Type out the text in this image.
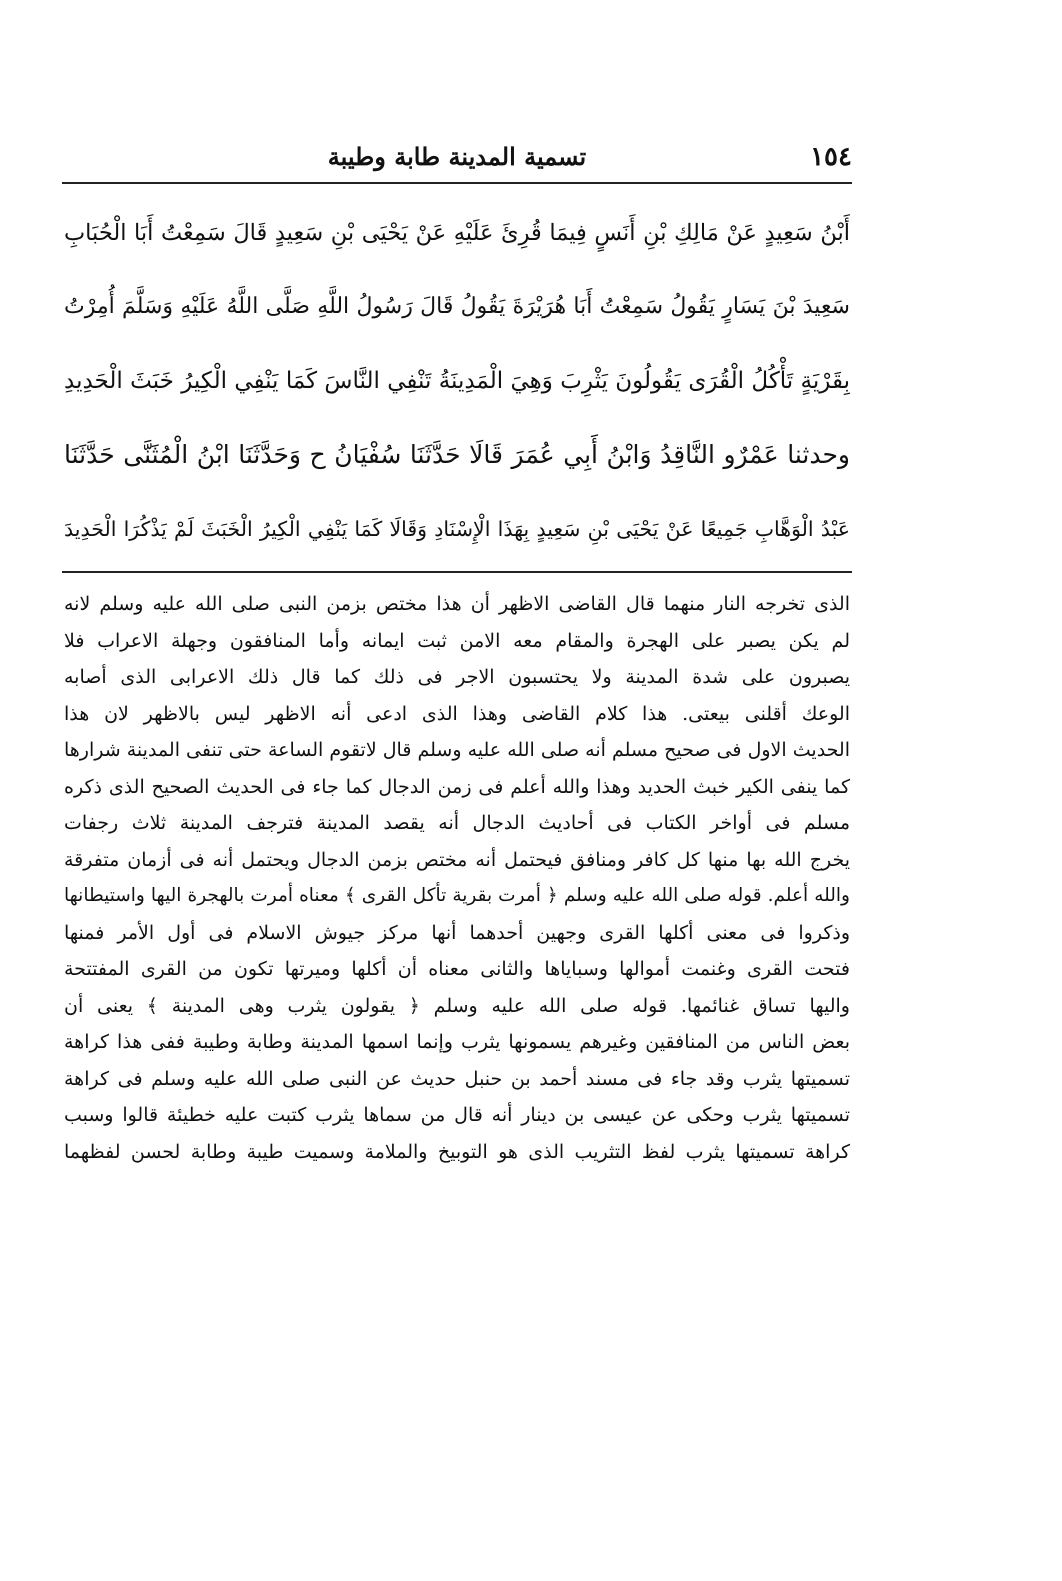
١٥٤
تسمية المدينة طابة وطيبة
أَبْنُ سَعِيدٍ عَنْ مَالِكِ بْنِ أَنَسٍ فِيمَا قُرِئَ عَلَيْهِ عَنْ يَحْيَى بْنِ سَعِيدٍ قَالَ سَمِعْتُ أَبَا الْحُبَابِ
سَعِيدَ بْنَ يَسَارٍ يَقُولُ سَمِعْتُ أَبَا هُرَيْرَةَ يَقُولُ قَالَ رَسُولُ اللَّهِ صَلَّى اللَّهُ عَلَيْهِ وَسَلَّمَ أُمِرْتُ
بِقَرْيَةٍ تَأْكُلُ الْقُرَى يَقُولُونَ يَثْرِبَ وَهِيَ الْمَدِينَةُ تَنْفِي النَّاسَ كَمَا يَنْفِي الْكِيرُ خَبَثَ الْحَدِيدِ
وحدثنا عَمْرٌو النَّاقِدُ وَابْنُ أَبِي عُمَرَ قَالَا حَدَّثَنَا سُفْيَانُ ح وَحَدَّثَنَا ابْنُ الْمُثَنَّى حَدَّثَنَا
عَبْدُ الْوَهَّابِ جَمِيعًا عَنْ يَحْيَى بْنِ سَعِيدٍ بِهَذَا الْإِسْنَادِ وَقَالَا كَمَا يَنْفِي الْكِيرُ الْخَبَثَ لَمْ يَذْكُرَا الْحَدِيدَ
الذى تخرجه النار منهما قال القاضى الاظهر أن هذا مختص بزمن النبى صلى الله عليه وسلم لانه
لم يكن يصبر على الهجرة والمقام معه الامن ثبت ايمانه وأما المنافقون وجهلة الاعراب فلا
يصبرون على شدة المدينة ولا يحتسبون الاجر فى ذلك كما قال ذلك الاعرابى الذى أصابه
الوعك أقلنى بيعتى. هذا كلام القاضى وهذا الذى ادعى أنه الاظهر ليس بالاظهر لان هذا
الحديث الاول فى صحيح مسلم أنه صلى الله عليه وسلم قال لاتقوم الساعة حتى تنفى المدينة شرارها
كما ينفى الكير خبث الحديد وهذا والله أعلم فى زمن الدجال كما جاء فى الحديث الصحيح الذى ذكره
مسلم فى أواخر الكتاب فى أحاديث الدجال أنه يقصد المدينة فترجف المدينة ثلاث رجفات
يخرج الله بها منها كل كافر ومنافق فيحتمل أنه مختص بزمن الدجال ويحتمل أنه فى أزمان متفرقة
والله أعلم. قوله صلى الله عليه وسلم ﴿ أمرت بقرية تأكل القرى ﴾ معناه أمرت بالهجرة اليها واستيطانها
وذكروا فى معنى أكلها القرى وجهين أحدهما أنها مركز جيوش الاسلام فى أول الأمر فمنها
فتحت القرى وغنمت أموالها وسباياها والثانى معناه أن أكلها وميرتها تكون من القرى المفتتحة
واليها تساق غنائمها. قوله صلى الله عليه وسلم ﴿ يقولون يثرب وهى المدينة ﴾ يعنى أن
بعض الناس من المنافقين وغيرهم يسمونها يثرب وإنما اسمها المدينة وطابة وطيبة ففى هذا كراهة
تسميتها يثرب وقد جاء فى مسند أحمد بن حنبل حديث عن النبى صلى الله عليه وسلم فى كراهة
تسميتها يثرب وحكى عن عيسى بن دينار أنه قال من سماها يثرب كتبت عليه خطيئة قالوا وسبب
كراهة تسميتها يثرب لفظ التثريب الذى هو التوبيخ والملامة وسميت طيبة وطابة لحسن لفظهما
